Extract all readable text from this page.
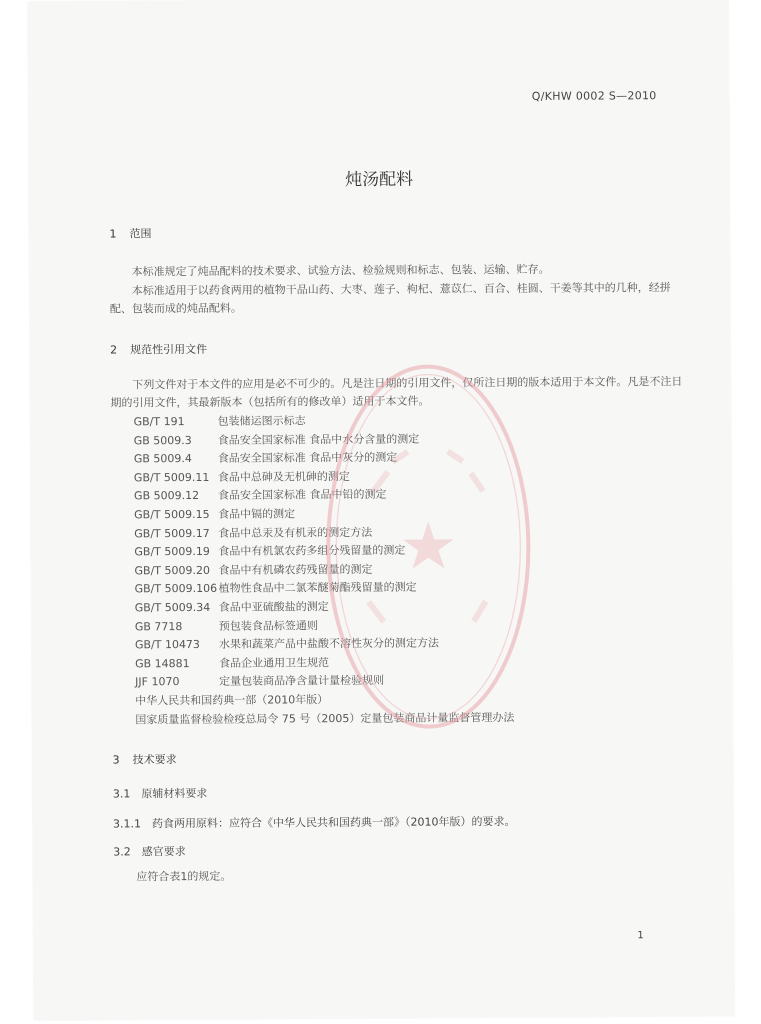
Q/KHW 0002 S—2010
炖汤配料
1 范围
本标准规定了炖品配料的技术要求、试验方法、检验规则和标志、包装、运输、贮存。
本标准适用于以药食两用的植物干品山药、大枣、莲子、枸杞、薏苡仁、百合、桂圆、干姜等其中的几种，经拼配、包装而成的炖品配料。
2 规范性引用文件
下列文件对于本文件的应用是必不可少的。凡是注日期的引用文件，仅所注日期的版本适用于本文件。凡是不注日期的引用文件，其最新版本（包括所有的修改单）适用于本文件。
GB/T 191	包装储运图示标志
GB 5009.3 食品安全国家标准 食品中水分含量的测定
GB 5009.4 食品安全国家标准 食品中灰分的测定
GB/T 5009.11 食品中总砷及无机砷的测定
GB 5009.12 食品安全国家标准 食品中铅的测定
GB/T 5009.15 食品中镉的测定
GB/T 5009.17 食品中总汞及有机汞的测定方法
GB/T 5009.19 食品中有机氯农药多组分残留量的测定
GB/T 5009.20 食品中有机磷农药残留量的测定
GB/T 5009.106植物性食品中二氯苯醚菊酯残留量的测定
GB/T 5009.34 食品中亚硫酸盐的测定
GB 7718	预包装食品标签通则
GB/T 10473 水果和蔬菜产品中盐酸不溶性灰分的测定方法
GB 14881	食品企业通用卫生规范
JJF 1070	定量包装商品净含量计量检验规则
中华人民共和国药典一部（2010年版）
国家质量监督检验检疫总局令 75 号（2005）定量包装商品计量监督管理办法
3 技术要求
3.1　原辅材料要求
3.1.1　药食两用原料：应符合《中华人民共和国药典一部》（2010年版）的要求。
3.2　感官要求
应符合表1的规定。
1
